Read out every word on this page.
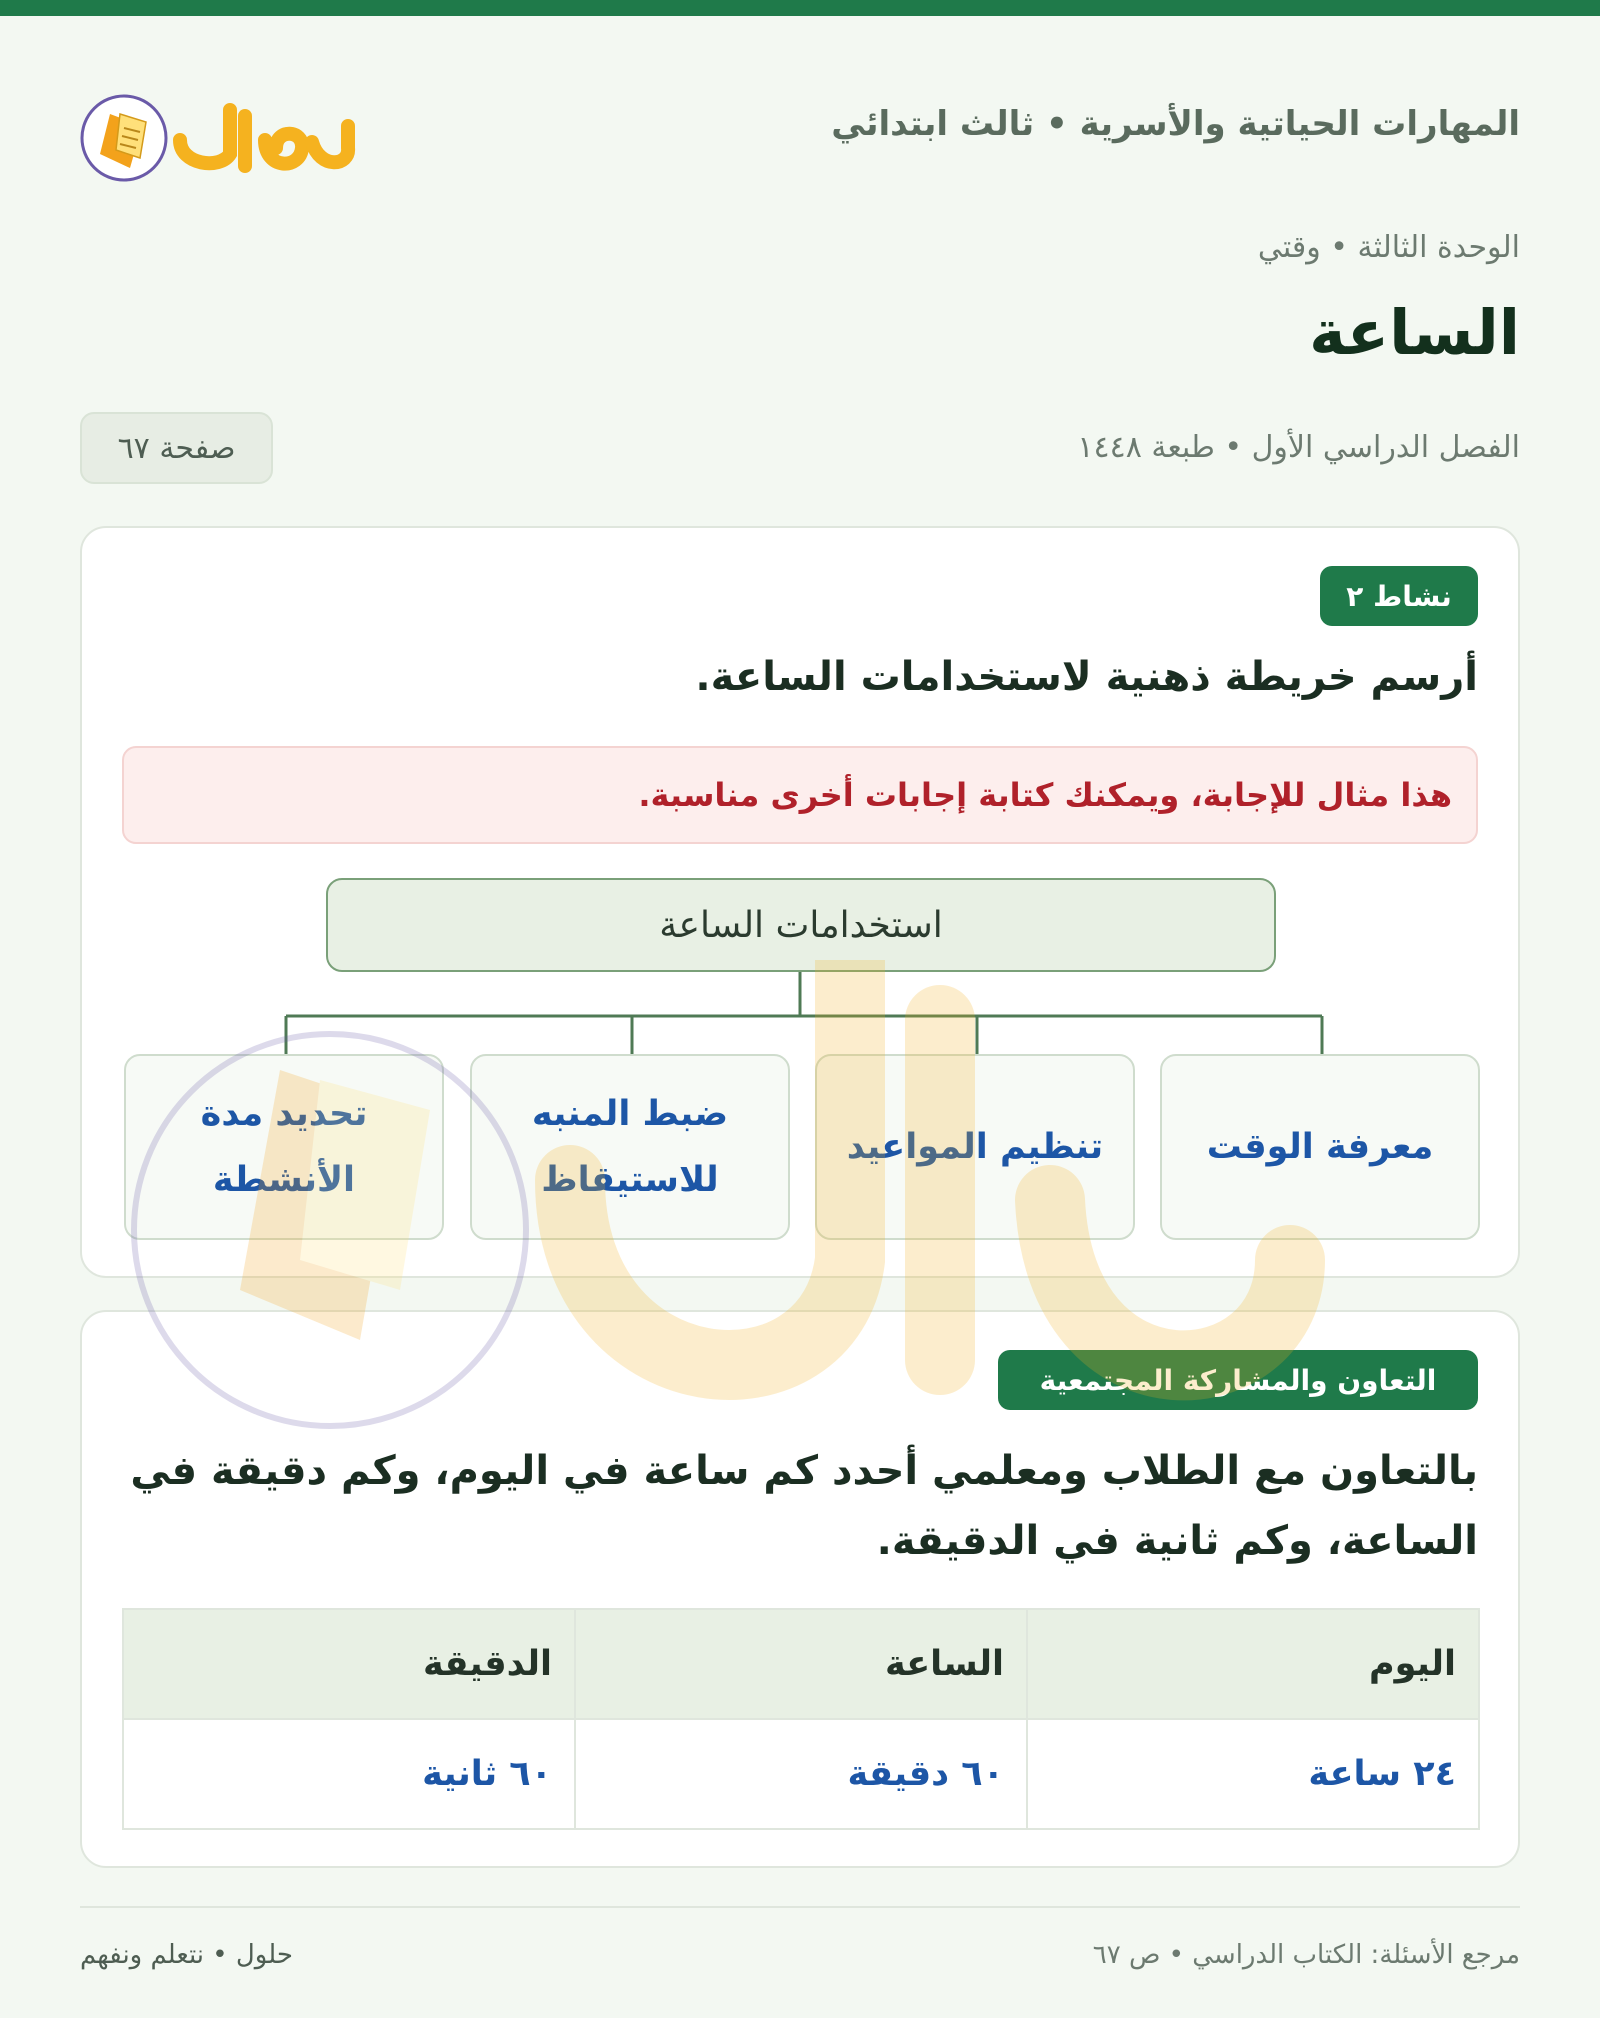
المهارات الحياتية والأسرية • ثالث ابتدائي
الوحدة الثالثة • وقتي
الساعة
الفصل الدراسي الأول • طبعة ١٤٤٨
صفحة ٦٧
نشاط ٢
أرسم خريطة ذهنية لاستخدامات الساعة.
هذا مثال للإجابة، ويمكنك كتابة إجابات أخرى مناسبة.
استخدامات الساعة
معرفة الوقت
تنظيم المواعيد
ضبط المنبه للاستيقاظ
تحديد مدة الأنشطة
التعاون والمشاركة المجتمعية
بالتعاون مع الطلاب ومعلمي أحدد كم ساعة في اليوم، وكم دقيقة في الساعة، وكم ثانية في الدقيقة.
اليوم	الساعة	الدقيقة
٢٤ ساعة	٦٠ دقيقة	٦٠ ثانية
مرجع الأسئلة: الكتاب الدراسي • ص ٦٧
حلول • نتعلم ونفهم
